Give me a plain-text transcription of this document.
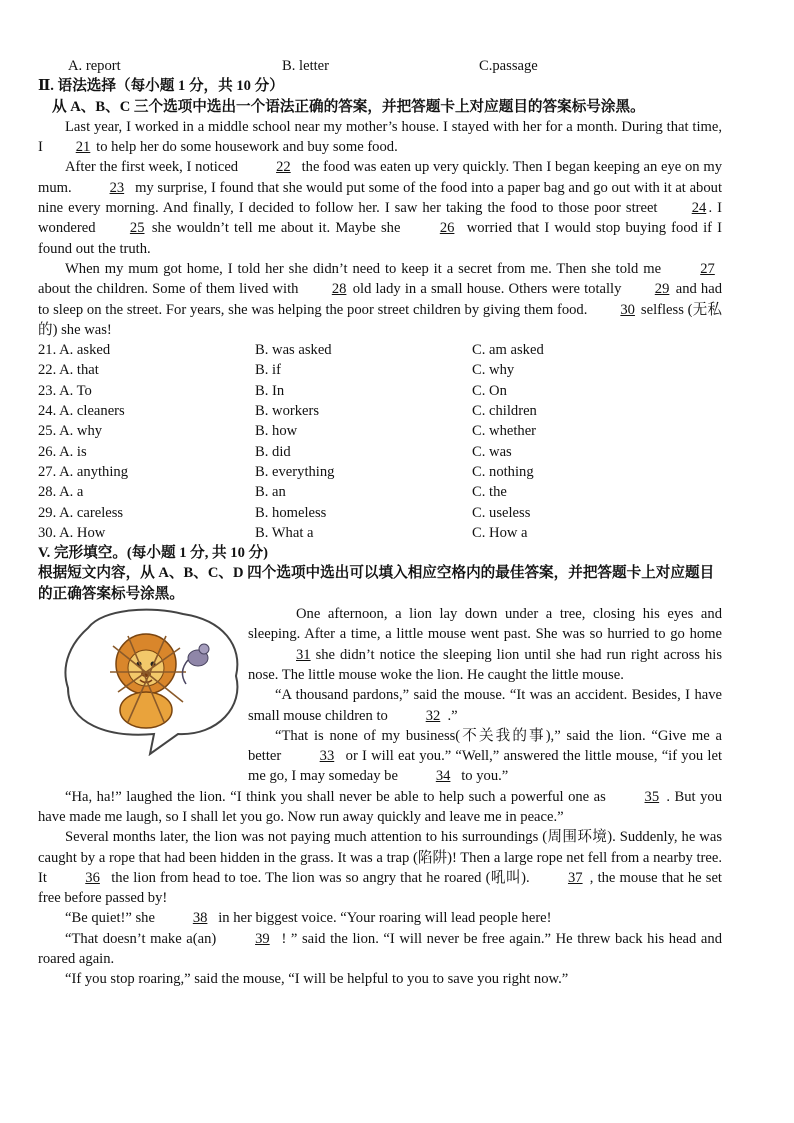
A. report	B. letter	C.passage
Ⅱ. 语法选择（每小题 1 分，共 10 分）
从 A、B、C 三个选项中选出一个语法正确的答案，并把答题卡上对应题目的答案标号涂黑。

Last year, I worked in a middle school near my mother’s house. I stayed with her for a month. During that time, I 21 to help her do some housework and buy some food.

After the first week, I noticed 22 the food was eaten up very quickly. Then I began keeping an eye on my mum. 23 my surprise, I found that she would put some of the food into a paper bag and go out with it at about nine every morning. And finally, I decided to follow her. I saw her taking the food to those poor street 24 . I wondered 25 she wouldn’t tell me about it. Maybe she 26 worried that I would stop buying food if I found out the truth.

When my mum got home, I told her she didn’t need to keep it a secret from me. Then she told me 27 about the children. Some of them lived with 28 old lady in a small house. Others were totally 29 and had to sleep on the street. For years, she was helping the poor street children by giving them food. 30 selfless (无私的) she was!

21. A. asked	B. was asked	C. am asked
22. A. that	B. if	C. why
23. A. To	B. In	C. On
24. A. cleaners	B. workers	C. children
25. A. why	B. how	C. whether
26. A. is	B. did	C. was
27. A. anything	B. everything	C. nothing
28. A. a	B. an	C. the
29. A. careless	B. homeless	C. useless
30. A. How	B. What a	C. How a
V. 完形填空。(每小题 1 分, 共 10 分)
根据短文内容，从 A、B、C、D 四个选项中选出可以填入相应空格内的最佳答案，并把答题卡上对应题目的正确答案标号涂黑。

One afternoon, a lion lay down under a tree, closing his eyes and sleeping. After a time, a little mouse went past. She was so hurried to go home 31 she didn’t notice the sleeping lion until she had run right across his nose. The little mouse woke the lion. He caught the little mouse.

“A thousand pardons,” said the mouse. “It was an accident. Besides, I have small mouse children to 32 .”

“That is none of my business(不关我的事),” said the lion. “Give me a better 33 or I will eat you.” “Well,” answered the little mouse, “if you let me go, I may someday be 34 to you.”

“Ha, ha!” laughed the lion. “I think you shall never be able to help such a powerful one as 35 . But you have made me laugh, so I shall let you go. Now run away quickly and leave me in peace.”

Several months later, the lion was not paying much attention to his surroundings (周围环境). Suddenly, he was caught by a rope that had been hidden in the grass. It was a trap (陷阱)! Then a large rope net fell from a nearby tree. It 36 the lion from head to toe. The lion was so angry that he roared (吼叫). 37 , the mouse that he set free before passed by!

“Be quiet!” she 38 in her biggest voice. “Your roaring will lead people here!

“That doesn’t make a(an) 39 ! ” said the lion. “I will never be free again.” He threw back his head and roared again.

“If you stop roaring,” said the mouse, “I will be helpful to you to save you right now.”
